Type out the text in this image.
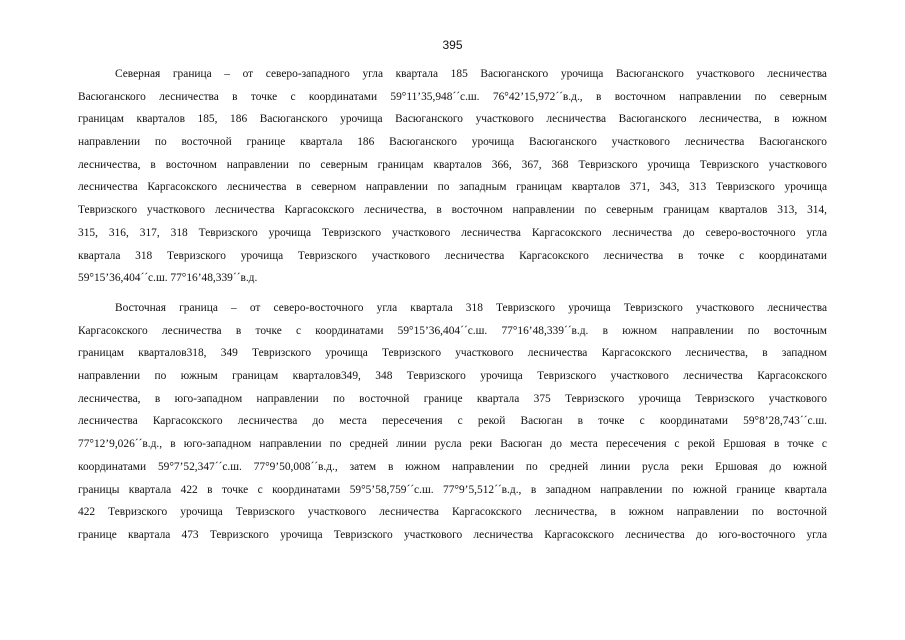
395
Северная граница – от северо-западного угла квартала 185 Васюганского урочища Васюганского участкового лесничества
Васюганского лесничества в точке с координатами 59°11’35,948´´с.ш. 76°42’15,972´´в.д., в восточном направлении по северным
границам кварталов 185, 186 Васюганского урочища Васюганского участкового лесничества Васюганского лесничества, в южном
направлении по восточной границе квартала 186 Васюганского урочища Васюганского участкового лесничества Васюганского
лесничества, в восточном направлении по северным границам кварталов 366, 367, 368 Тевризского урочища Тевризского участкового
лесничества Каргасокского лесничества в северном направлении по западным границам кварталов 371, 343, 313 Тевризского урочища
Тевризского участкового лесничества Каргасокского лесничества, в восточном направлении по северным границам кварталов 313, 314,
315, 316, 317, 318 Тевризского урочища Тевризского участкового лесничества Каргасокского лесничества до северо-восточного угла
квартала 318 Тевризского урочища Тевризского участкового лесничества Каргасокского лесничества в точке с координатами
59°15’36,404´´с.ш. 77°16’48,339´´в.д.
Восточная граница – от северо-восточного угла квартала 318 Тевризского урочища Тевризского участкового лесничества
Каргасокского лесничества в точке с координатами 59°15’36,404´´с.ш. 77°16’48,339´´в.д. в южном направлении по восточным
границам кварталов318, 349 Тевризского урочища Тевризского участкового лесничества Каргасокского лесничества, в западном
направлении по южным границам кварталов349, 348 Тевризского урочища Тевризского участкового лесничества Каргасокского
лесничества, в юго-западном направлении по восточной границе квартала 375 Тевризского урочища Тевризского участкового
лесничества Каргасокского лесничества до места пересечения с рекой Васюган в точке с координатами 59°8’28,743´´с.ш.
77°12’9,026´´в.д., в юго-западном направлении по средней линии русла реки Васюган до места пересечения с рекой Ершовая в точке с
координатами 59°7’52,347´´с.ш. 77°9’50,008´´в.д., затем в южном направлении по средней линии русла реки Ершовая до южной
границы квартала 422 в точке с координатами 59°5’58,759´´с.ш. 77°9’5,512´´в.д., в западном направлении по южной границе квартала
422 Тевризского урочища Тевризского участкового лесничества Каргасокского лесничества, в южном направлении по восточной
границе квартала 473 Тевризского урочища Тевризского участкового лесничества Каргасокского лесничества до юго-восточного угла
